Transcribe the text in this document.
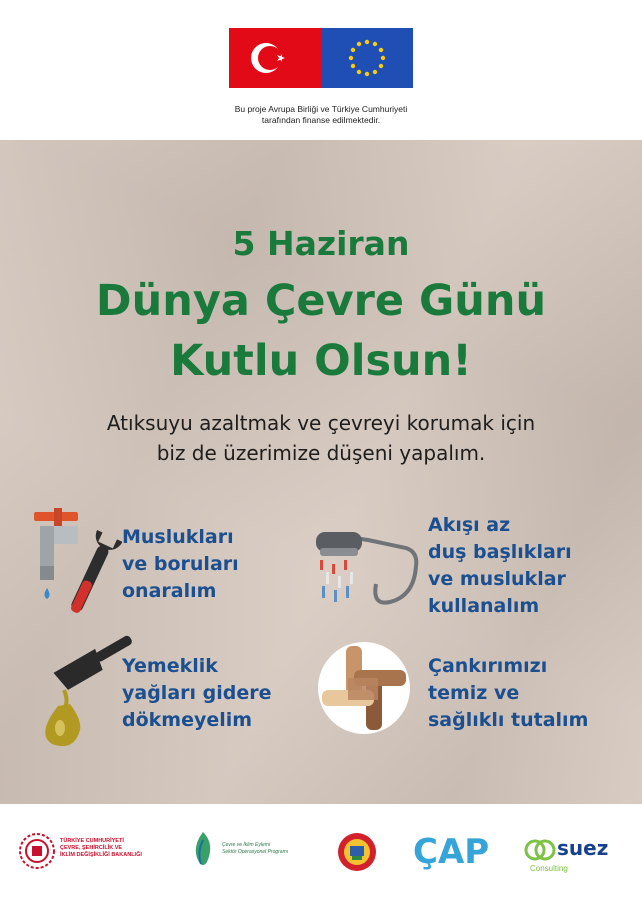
Bu proje Avrupa Birliği ve Türkiye Cumhuriyeti
tarafından finanse edilmektedir.
5 Haziran
Dünya Çevre Günü
Kutlu Olsun!
Atıksuyu azaltmak ve çevreyi korumak için
biz de üzerimize düşeni yapalım.
Muslukları
ve boruları
onaralım
Akışı az
duş başlıkları
ve musluklar
kullanalım
Yemeklik
yağları gidere
dökmeyelim
Çankırımızı
temiz ve
sağlıklı tutalım
TÜRKİYE CUMHURİYETİ
ÇEVRE, ŞEHİRCİLİK VE
İKLİM DEĞİŞİKLİĞİ BAKANLIĞI
Çevre ve İklim Eylemi
Sektör Operasyonel Programı	ÇAP	suez
Consulting
